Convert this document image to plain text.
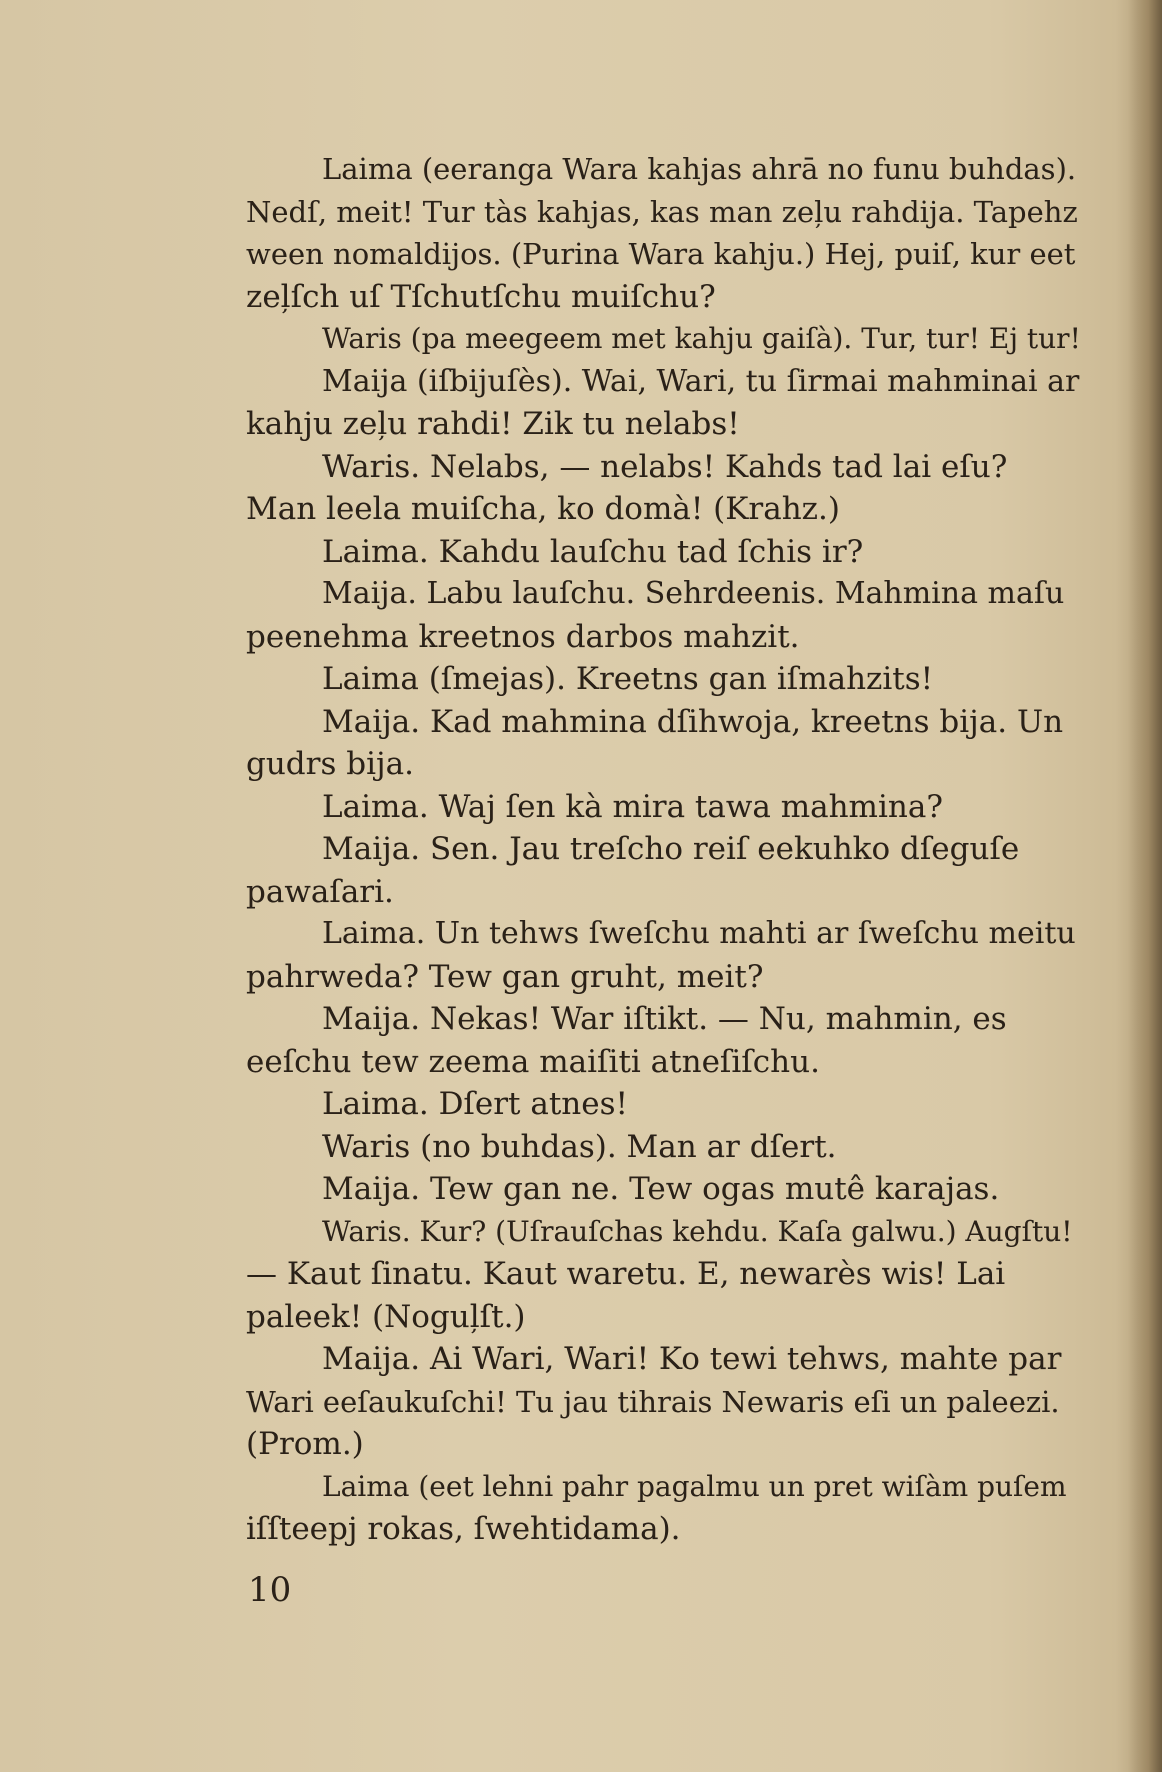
Laima (eeranga Wara kahjas ahrā no funu buhdas).
Nedſ, meit! Tur tàs kahjas, kas man zeļu rahdija. Tapehz
ween nomaldijos. (Purina Wara kahju.) Hej, puiſ, kur eet
zeļſch uſ Tſchutſchu muiſchu?
Waris (pa meegeem met kahju gaiſà). Tur, tur! Ej tur!
Maija (iſbijuſès). Wai, Wari, tu ſirmai mahminai ar
kahju zeļu rahdi! Zik tu nelabs!
Waris. Nelabs, — nelabs! Kahds tad lai eſu?
Man leela muiſcha, ko domà! (Krahz.)
Laima. Kahdu lauſchu tad ſchis ir?
Maija. Labu lauſchu. Sehrdeenis. Mahmina maſu
peenehma kreetnos darbos mahzit.
Laima (ſmejas). Kreetns gan iſmahzits!
Maija. Kad mahmina dſihwoja, kreetns bija. Un
gudrs bija.
Laima. Waj ſen kà mira tawa mahmina?
Maija. Sen. Jau treſcho reiſ eekuhko dſeguſe
pawaſari.
Laima. Un tehws ſweſchu mahti ar ſweſchu meitu
pahrweda? Tew gan gruht, meit?
Maija. Nekas! War iſtikt. — Nu, mahmin, es
eeſchu tew zeema maiſiti atneſiſchu.
Laima. Dſert atnes!
Waris (no buhdas). Man ar dſert.
Maija. Tew gan ne. Tew ogas mutê karajas.
Waris. Kur? (Uſrauſchas kehdu. Kaſa galwu.) Augſtu!
— Kaut ſinatu. Kaut waretu. E, newarès wis! Lai
paleek! (Noguļſt.)
Maija. Ai Wari, Wari! Ko tewi tehws, mahte par
Wari eeſaukuſchi! Tu jau tihrais Newaris eſi un paleezi.
(Prom.)
Laima (eet lehni pahr pagalmu un pret wiſàm puſem
iſſteepj rokas, ſwehtidama).
10
